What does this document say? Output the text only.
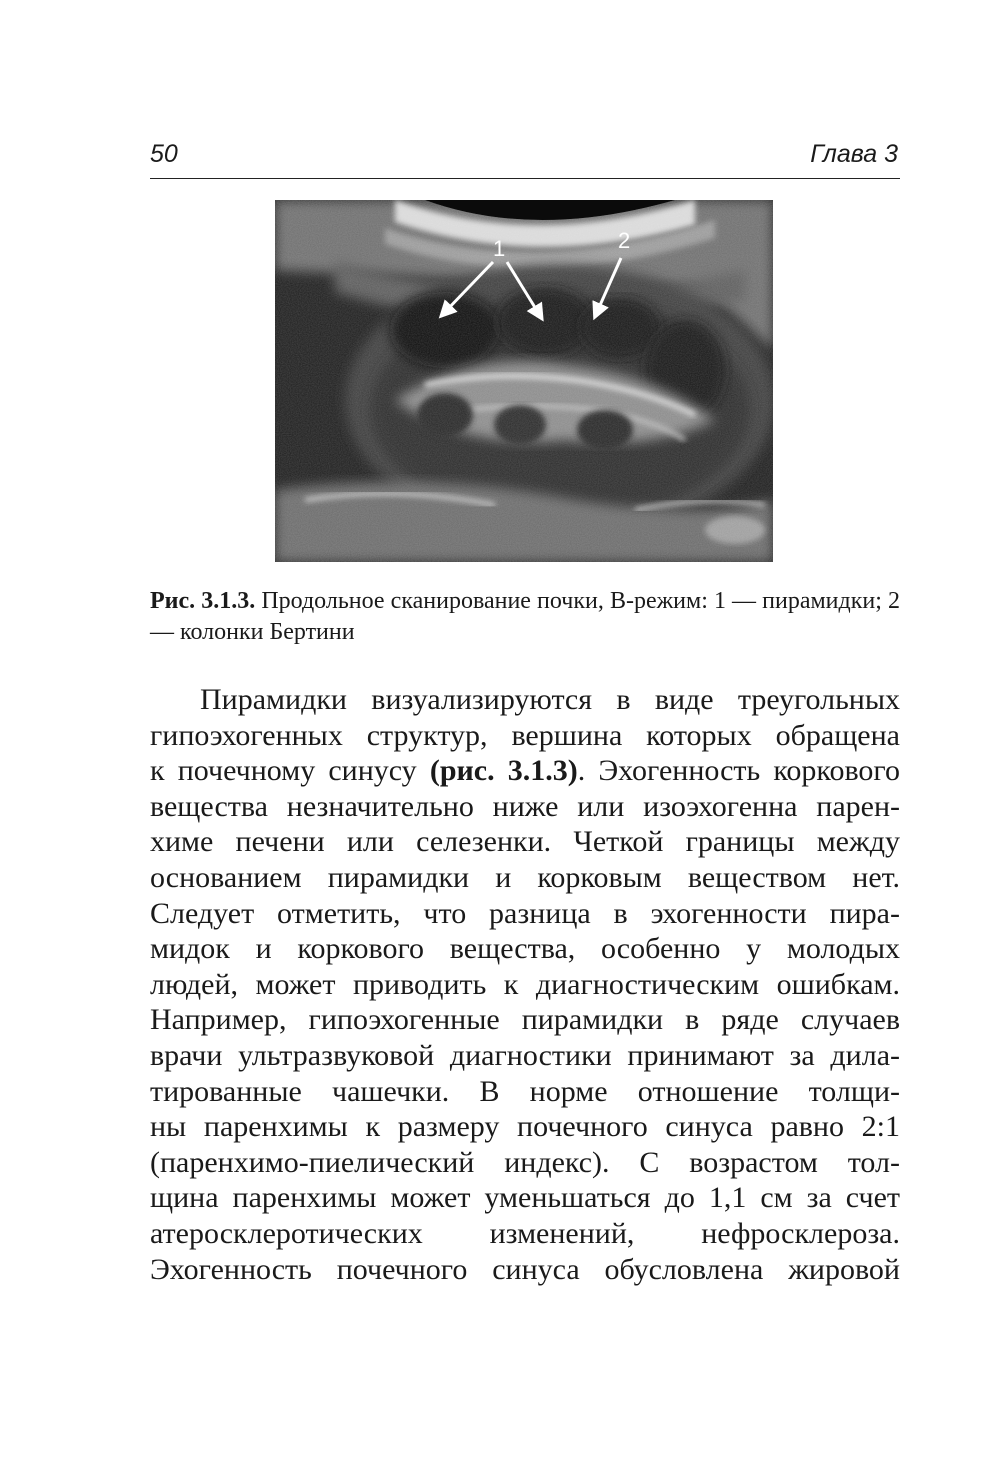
50	Глава 3
1	2
Рис. 3.1.3. Продольное сканирование почки, В-режим: 1 — пирамидки; 2 — колонки Бертини
Пирамидки визуализируются в виде треугольных
гипоэхогенных структур, вершина которых обращена
к почечному синусу (рис. 3.1.3). Эхогенность коркового
вещества незначительно ниже или изоэхогенна парен-
химе печени или селезенки. Четкой границы между
основанием пирамидки и корковым веществом нет.
Следует отметить, что разница в эхогенности пира-
мидок и коркового вещества, особенно у молодых
людей, может приводить к диагностическим ошибкам.
Например, гипоэхогенные пирамидки в ряде случаев
врачи ультразвуковой диагностики принимают за дила-
тированные чашечки. В норме отношение толщи-
ны паренхимы к размеру почечного синуса равно 2:1
(паренхимо-пиелический индекс). С возрастом тол-
щина паренхимы может уменьшаться до 1,1 см за счет
атеросклеротических изменений, нефросклероза.
Эхогенность почечного синуса обусловлена жировой
